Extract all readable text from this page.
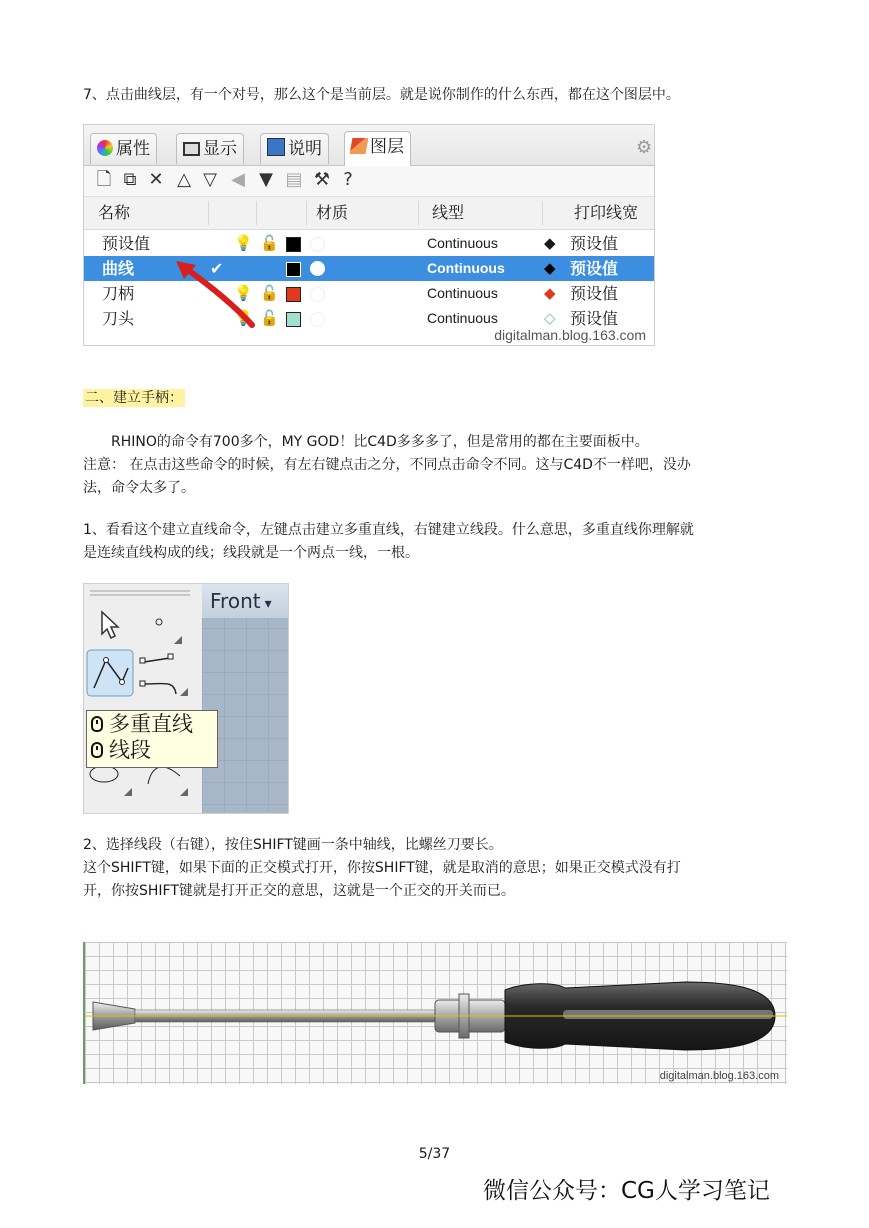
7、点击曲线层，有一个对号，那么这个是当前层。就是说你制作的什么东西，都在这个图层中。

属性	显示	说明	图层	⚙
🗋 ⧉ ✕ △ ▽ ◀ ▼ ▤ ⚒ ?
名称	材质	线型	打印线宽
预设值	💡 🔓	Continuous	◆ 预设值
曲线	✔	Continuous	◆ 预设值
刀柄	💡 🔓	Continuous	◆ 预设值
刀头	💡 🔓	Continuous	◇ 预设值
digitalman.blog.163.com

二、建立手柄：

RHINO的命令有700多个，MY GOD！比C4D多多多了，但是常用的都在主要面板中。

注意： 在点击这些命令的时候，有左右键点击之分，不同点击命令不同。这与C4D不一样吧，没办

法，命令太多了。

1、看看这个建立直线命令，左键点击建立多重直线，右键建立线段。什么意思，多重直线你理解就

是连续直线构成的线；线段就是一个两点一线，一根。

Front ▾
多重直线
线段

2、选择线段（右键），按住SHIFT键画一条中轴线，比螺丝刀要长。

这个SHIFT键，如果下面的正交模式打开，你按SHIFT键，就是取消的意思；如果正交模式没有打

开，你按SHIFT键就是打开正交的意思，这就是一个正交的开关而已。

digitalman.blog.163.com
5/37
微信公众号：CG人学习笔记
